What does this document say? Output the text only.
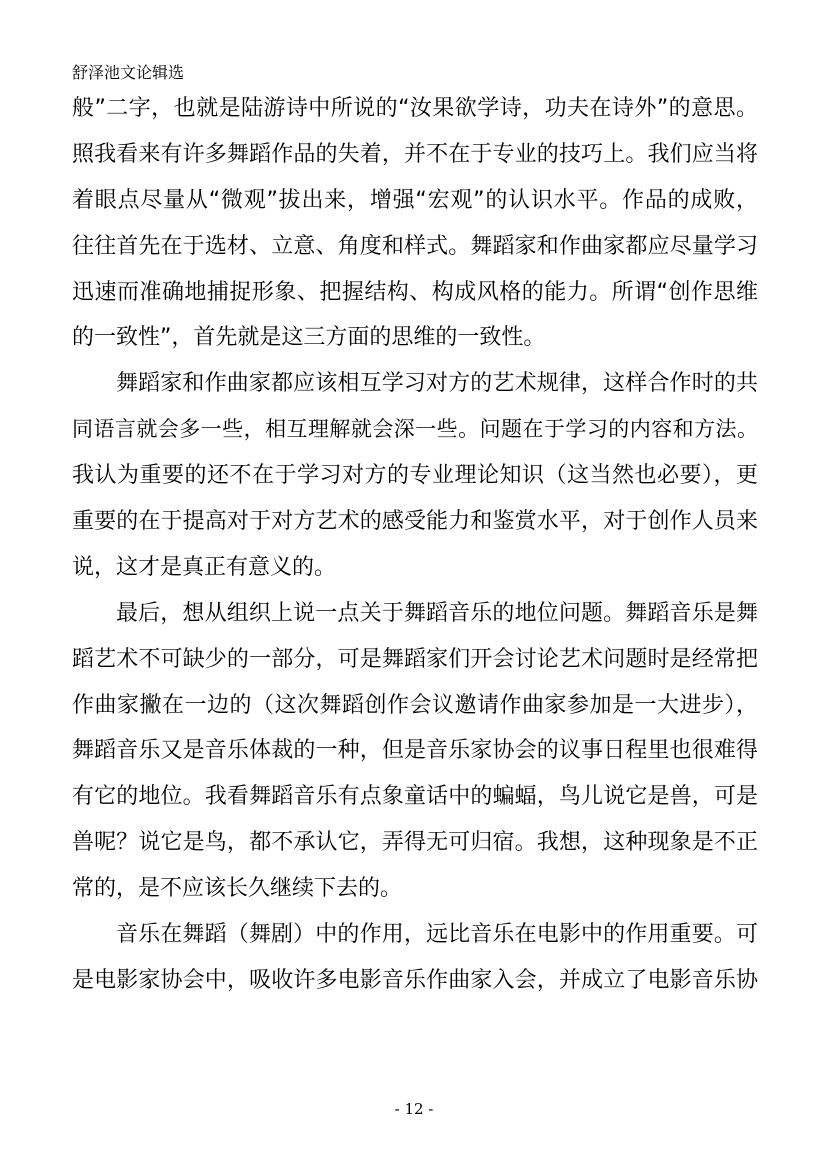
舒泽池文论辑选
般”二字，也就是陆游诗中所说的“汝果欲学诗，功夫在诗外”的意思。
照我看来有许多舞蹈作品的失着，并不在于专业的技巧上。我们应当将
着眼点尽量从“微观”拔出来，增强“宏观”的认识水平。作品的成败，
往往首先在于选材、立意、角度和样式。舞蹈家和作曲家都应尽量学习
迅速而准确地捕捉形象、把握结构、构成风格的能力。所谓“创作思维
的一致性”，首先就是这三方面的思维的一致性。
舞蹈家和作曲家都应该相互学习对方的艺术规律，这样合作时的共
同语言就会多一些，相互理解就会深一些。问题在于学习的内容和方法。
我认为重要的还不在于学习对方的专业理论知识（这当然也必要），更
重要的在于提高对于对方艺术的感受能力和鉴赏水平，对于创作人员来
说，这才是真正有意义的。
最后，想从组织上说一点关于舞蹈音乐的地位问题。舞蹈音乐是舞
蹈艺术不可缺少的一部分，可是舞蹈家们开会讨论艺术问题时是经常把
作曲家撇在一边的（这次舞蹈创作会议邀请作曲家参加是一大进步），
舞蹈音乐又是音乐体裁的一种，但是音乐家协会的议事日程里也很难得
有它的地位。我看舞蹈音乐有点象童话中的蝙蝠，鸟儿说它是兽，可是
兽呢？说它是鸟，都不承认它，弄得无可归宿。我想，这种现象是不正
常的，是不应该长久继续下去的。
音乐在舞蹈（舞剧）中的作用，远比音乐在电影中的作用重要。可
是电影家协会中，吸收许多电影音乐作曲家入会，并成立了电影音乐协
- 12 -
